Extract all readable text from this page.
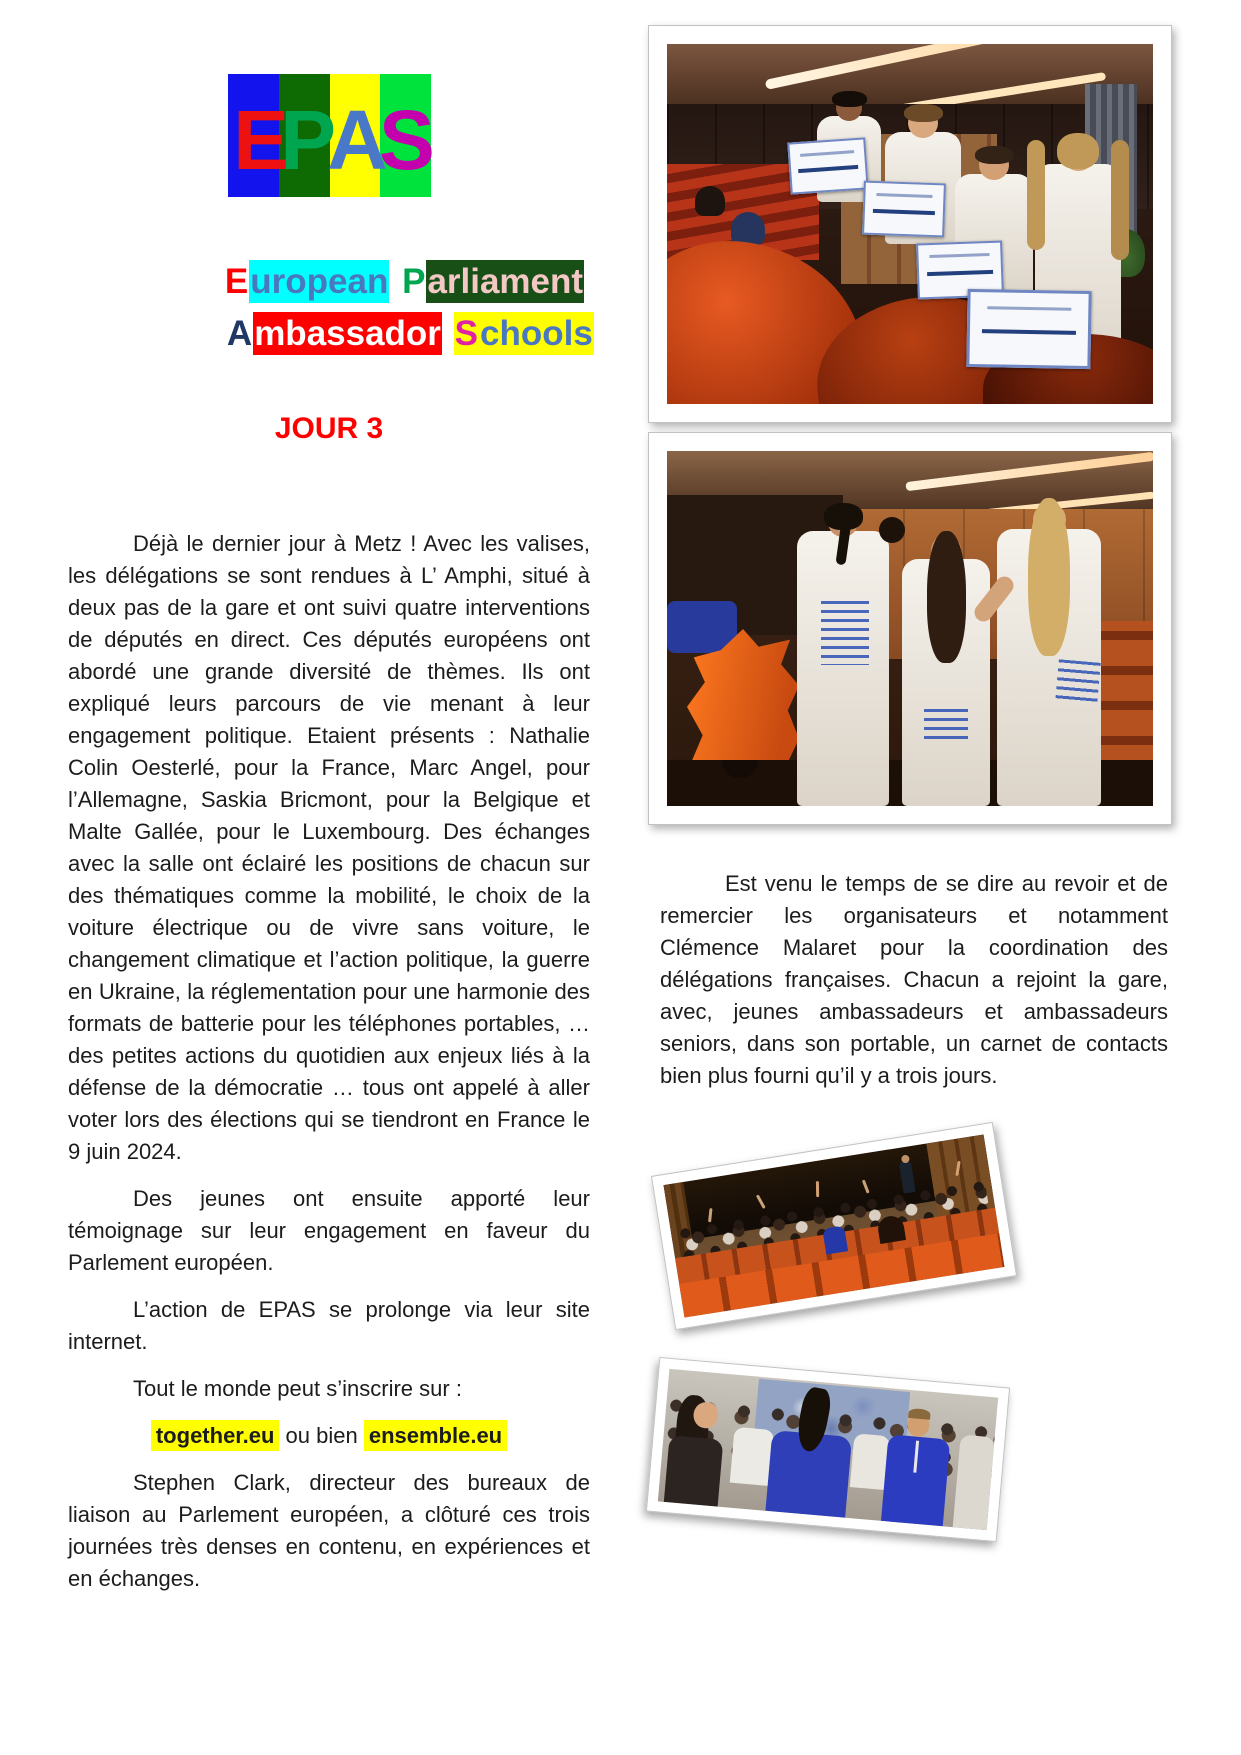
E P A S

European Parliament

Ambassador Schools

JOUR 3

Déjà le dernier jour à Metz ! Avec les valises, les délégations se sont rendues à L’ Amphi, situé à deux pas de la gare et ont suivi quatre interventions de députés en direct. Ces députés européens ont abordé une grande diversité de thèmes. Ils ont expliqué leurs parcours de vie menant à leur engagement politique. Etaient présents : Nathalie Colin Oesterlé, pour la France, Marc Angel, pour l’Allemagne, Saskia Bricmont, pour la Belgique et Malte Gallée, pour le Luxembourg. Des échanges avec la salle ont éclairé les positions de chacun sur des thématiques comme la mobilité, le choix de la voiture électrique ou de vivre sans voiture, le changement climatique et l’action politique, la guerre en Ukraine, la réglementation pour une harmonie des formats de batterie pour les téléphones portables, … des petites actions du quotidien aux enjeux liés à la défense de la démocratie … tous ont appelé à aller voter lors des élections qui se tiendront en France le 9 juin 2024.

Des jeunes ont ensuite apporté leur témoignage sur leur engagement en faveur du Parlement européen.

L’action de EPAS se prolonge via leur site internet.

Tout le monde peut s’inscrire sur :

together.eu ou bien ensemble.eu

Stephen Clark, directeur des bureaux de liaison au Parlement européen, a clôturé ces trois journées très denses en contenu, en expériences et en échanges.

Est venu le temps de se dire au revoir et de remercier les organisateurs et notamment Clémence Malaret pour la coordination des délégations françaises. Chacun a rejoint la gare, avec, jeunes ambassadeurs et ambassadeurs seniors, dans son portable, un carnet de contacts bien plus fourni qu’il y a trois jours.
